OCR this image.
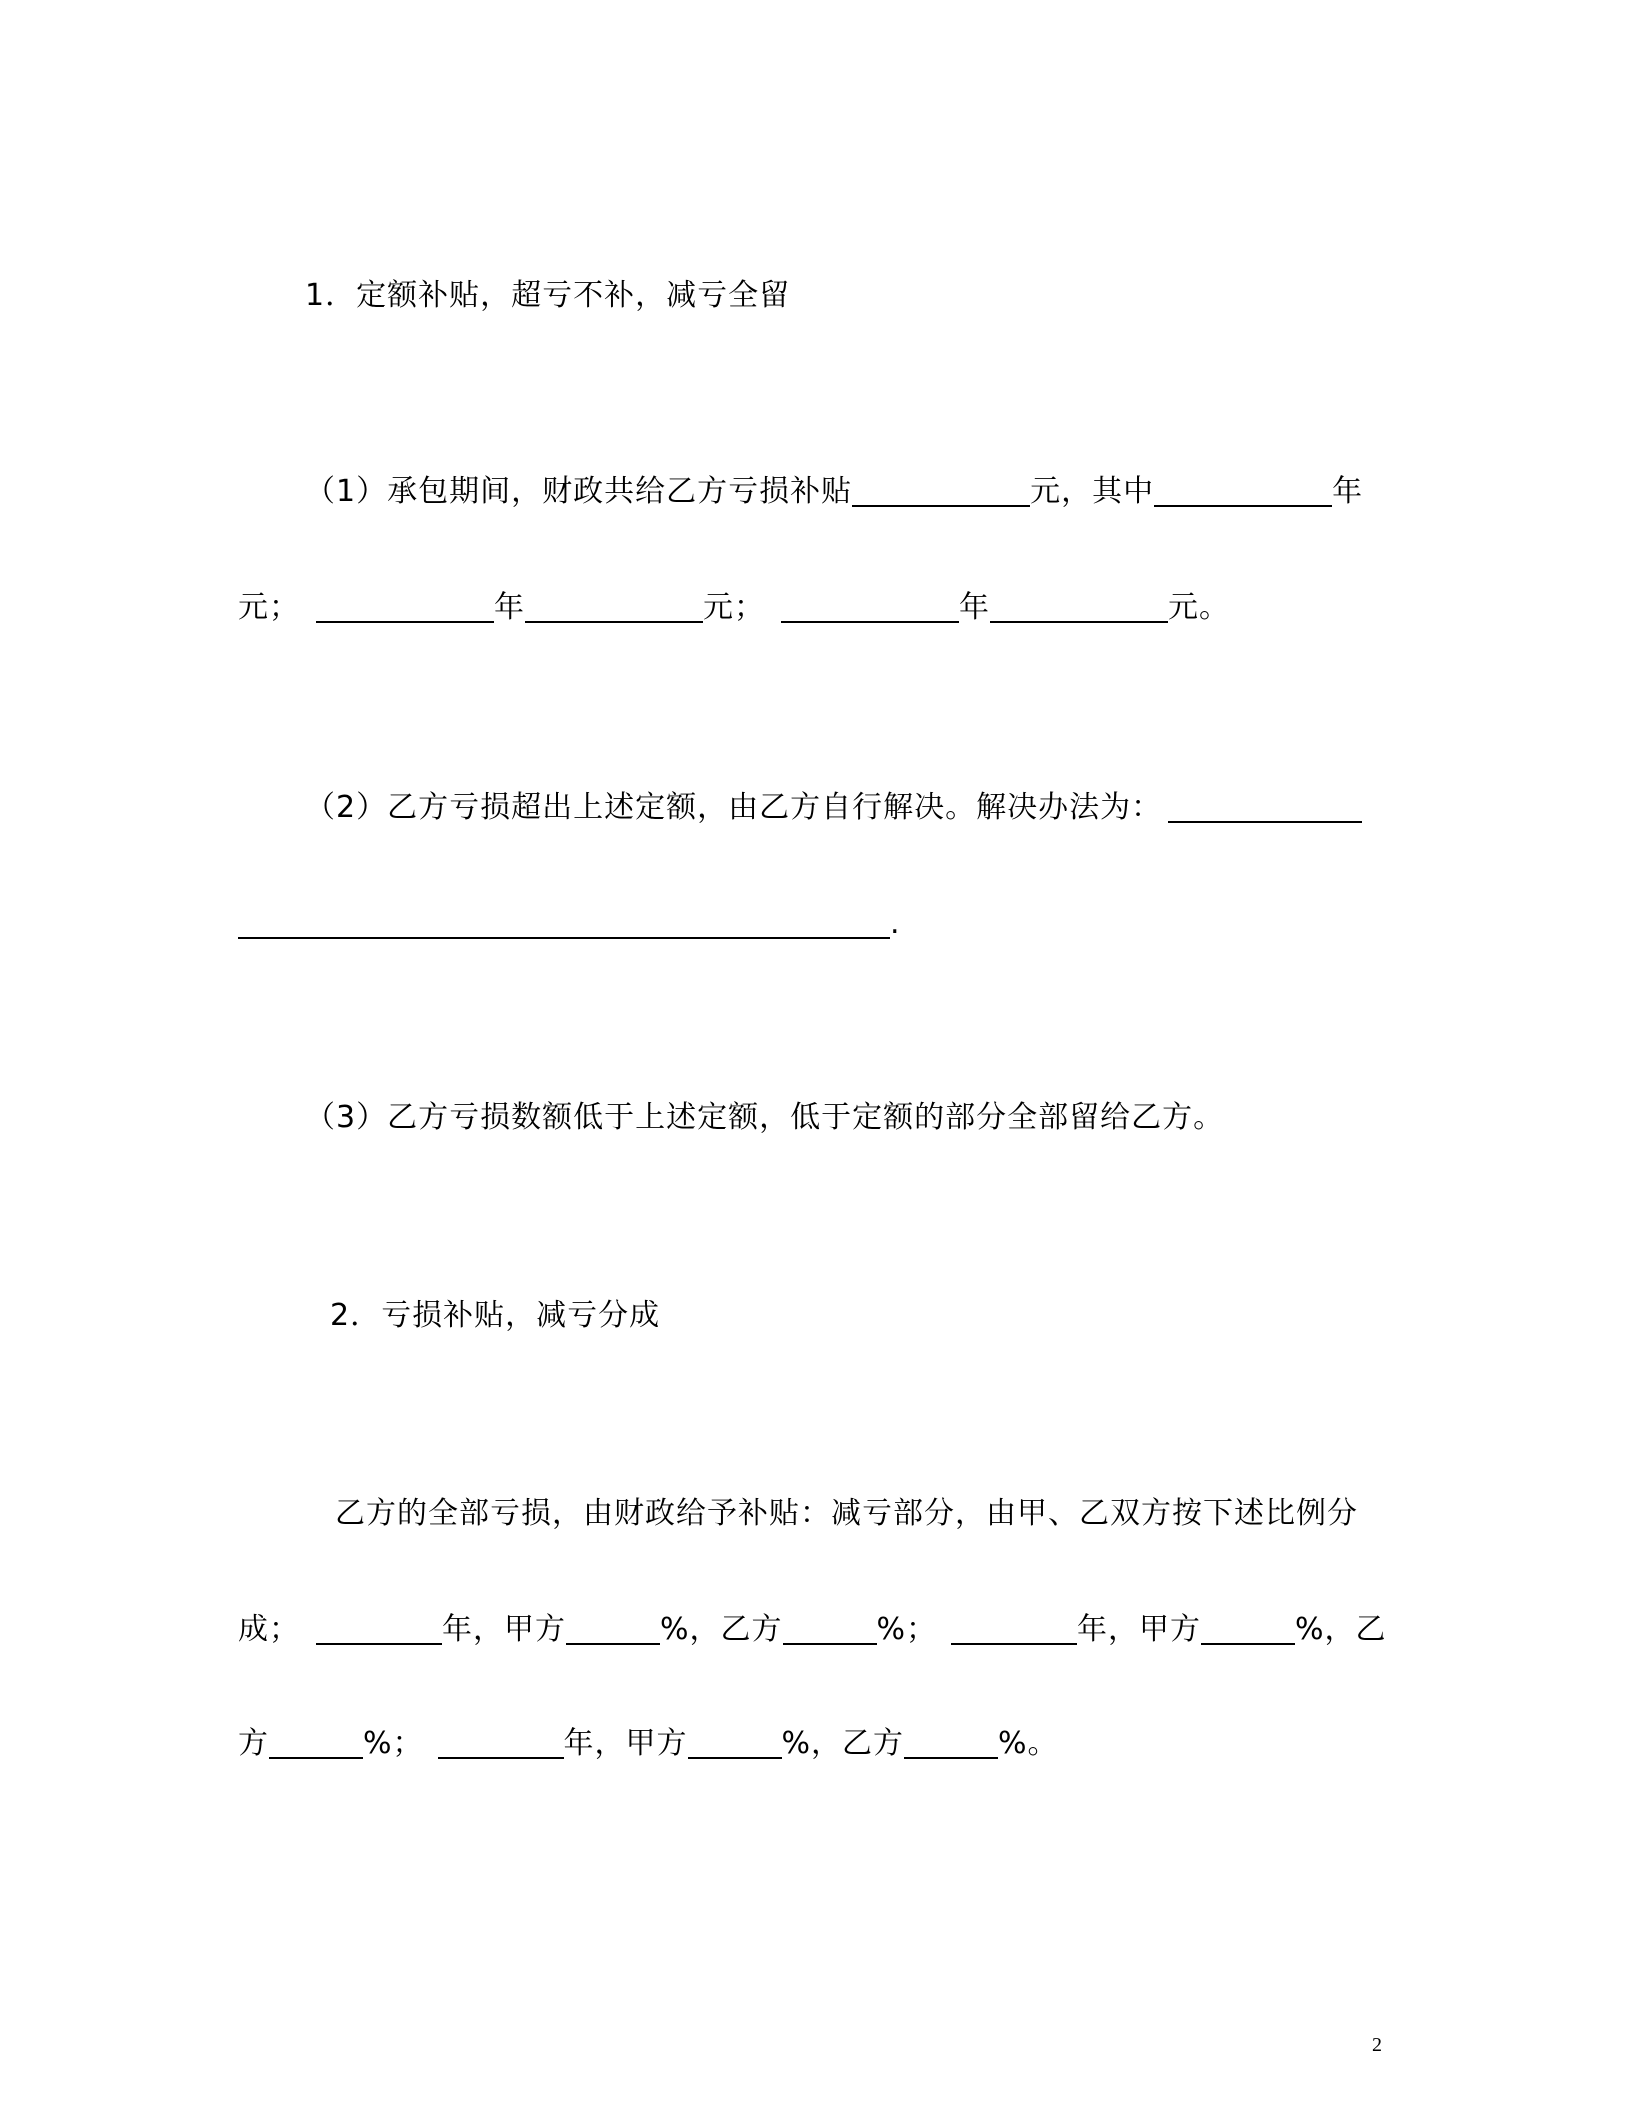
1．定额补贴，超亏不补，减亏全留
（1）承包期间，财政共给乙方亏损补贴	元，其中	年
元；	年	元；	年	元。
（2）乙方亏损超出上述定额，由乙方自行解决。解决办法为：
.
（3）乙方亏损数额低于上述定额，低于定额的部分全部留给乙方。
2．亏损补贴，减亏分成
乙方的全部亏损，由财政给予补贴：减亏部分，由甲、乙双方按下述比例分
成；	年，甲方	%，乙方	%；	年，甲方	%，乙
方	%；	年，甲方	%，乙方	%。
2
